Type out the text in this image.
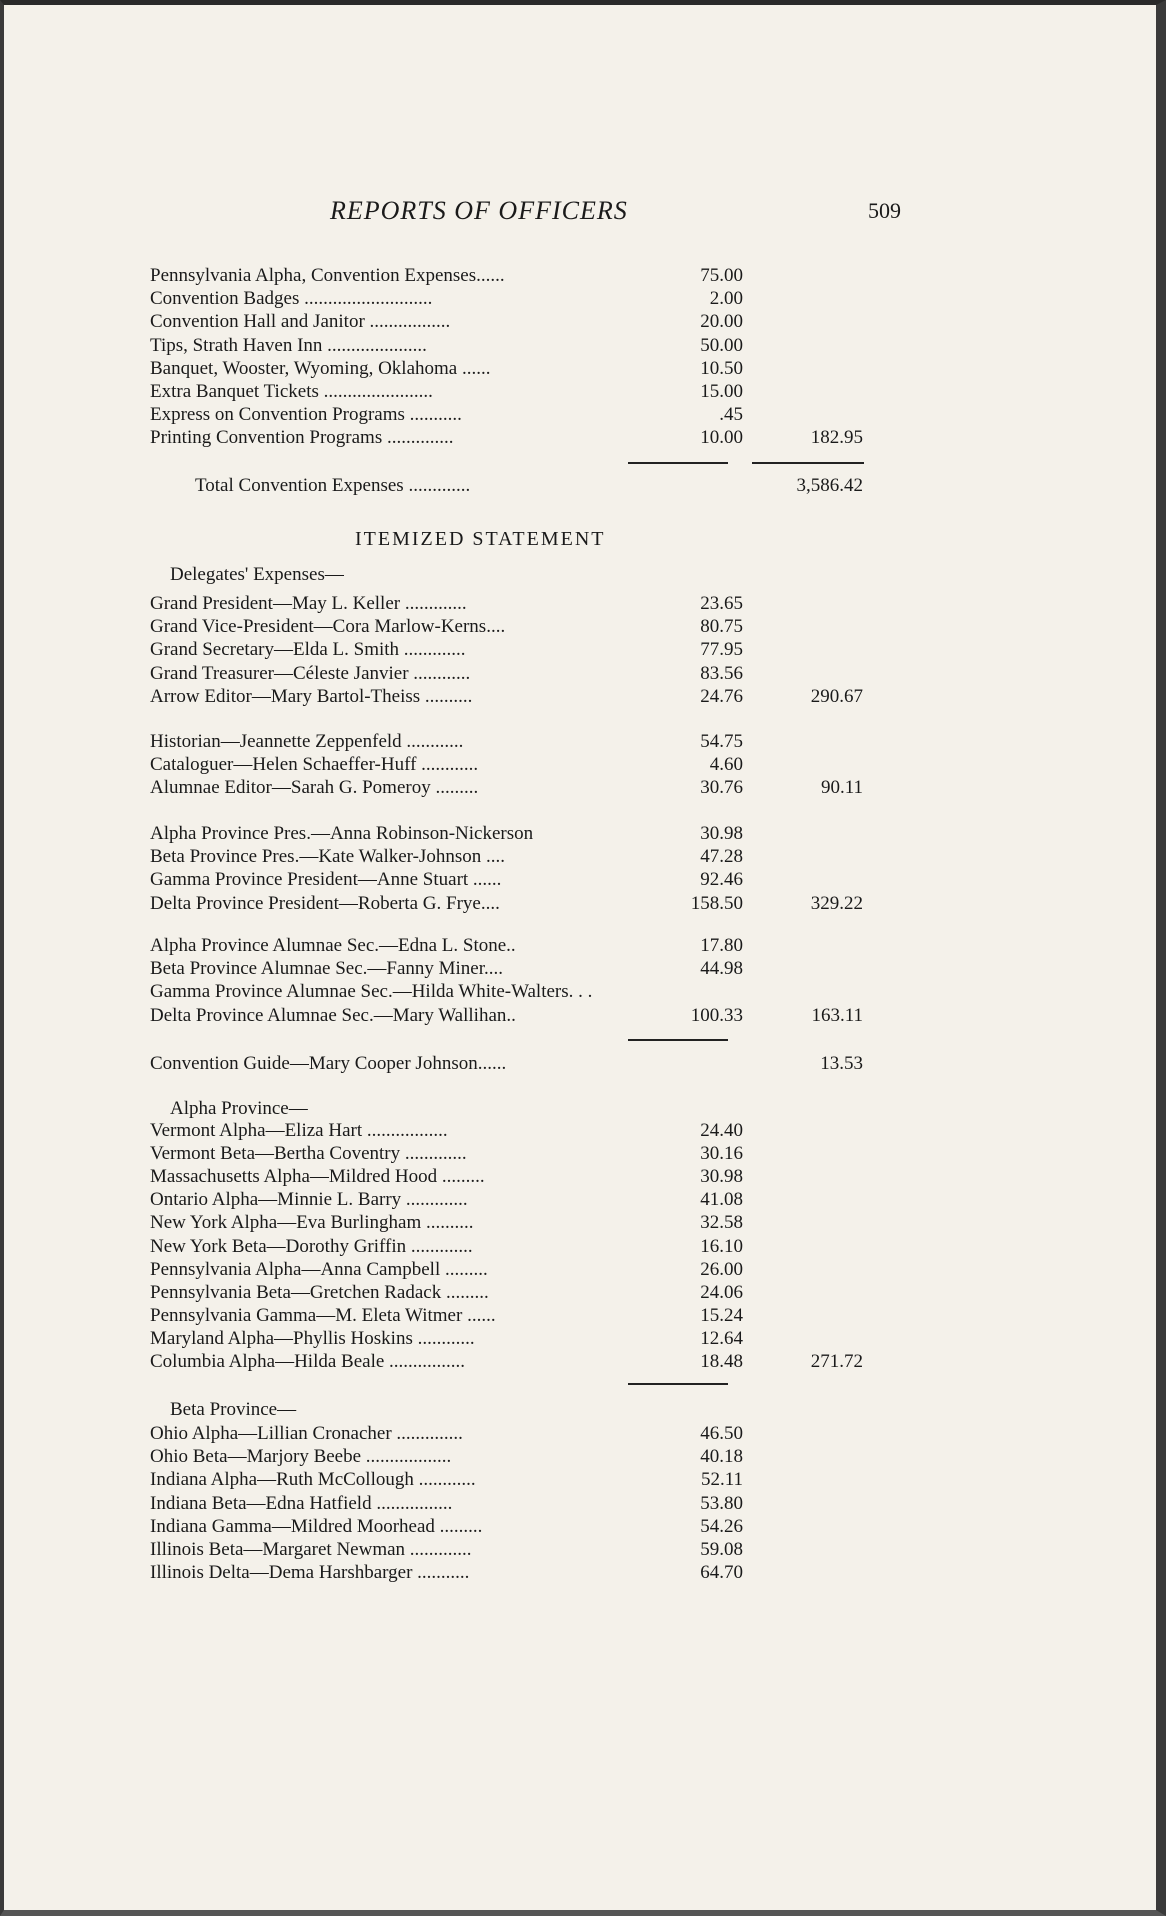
REPORTS OF OFFICERS	509
Pennsylvania Alpha, Convention Expenses......	75.00
Convention Badges ...........................	2.00
Convention Hall and Janitor .................	20.00
Tips, Strath Haven Inn .....................	50.00
Banquet, Wooster, Wyoming, Oklahoma ......	10.50
Extra Banquet Tickets .......................	15.00
Express on Convention Programs ...........	.45
Printing Convention Programs ..............	10.00	182.95
Total Convention Expenses .............	3,586.42
ITEMIZED STATEMENT
Delegates' Expenses—
Grand President—May L. Keller .............	23.65
Grand Vice-President—Cora Marlow-Kerns....	80.75
Grand Secretary—Elda L. Smith .............	77.95
Grand Treasurer—Céleste Janvier ............	83.56
Arrow Editor—Mary Bartol-Theiss ..........	24.76	290.67
Historian—Jeannette Zeppenfeld ............	54.75
Cataloguer—Helen Schaeffer-Huff ............	4.60
Alumnae Editor—Sarah G. Pomeroy .........	30.76	90.11
Alpha Province Pres.—Anna Robinson-Nickerson	30.98
Beta Province Pres.—Kate Walker-Johnson ....	47.28
Gamma Province President—Anne Stuart ......	92.46
Delta Province President—Roberta G. Frye....	158.50	329.22
Alpha Province Alumnae Sec.—Edna L. Stone..	17.80
Beta Province Alumnae Sec.—Fanny Miner....	44.98
Gamma Province Alumnae Sec.—Hilda White-Walters. . .
Delta Province Alumnae Sec.—Mary Wallihan..	100.33	163.11
Convention Guide—Mary Cooper Johnson......	13.53
Alpha Province—
Vermont Alpha—Eliza Hart .................	24.40
Vermont Beta—Bertha Coventry .............	30.16
Massachusetts Alpha—Mildred Hood .........	30.98
Ontario Alpha—Minnie L. Barry .............	41.08
New York Alpha—Eva Burlingham ..........	32.58
New York Beta—Dorothy Griffin .............	16.10
Pennsylvania Alpha—Anna Campbell .........	26.00
Pennsylvania Beta—Gretchen Radack .........	24.06
Pennsylvania Gamma—M. Eleta Witmer ......	15.24
Maryland Alpha—Phyllis Hoskins ............	12.64
Columbia Alpha—Hilda Beale ................	18.48	271.72
Beta Province—
Ohio Alpha—Lillian Cronacher ..............	46.50
Ohio Beta—Marjory Beebe ..................	40.18
Indiana Alpha—Ruth McCollough ............	52.11
Indiana Beta—Edna Hatfield ................	53.80
Indiana Gamma—Mildred Moorhead .........	54.26
Illinois Beta—Margaret Newman .............	59.08
Illinois Delta—Dema Harshbarger ...........	64.70
